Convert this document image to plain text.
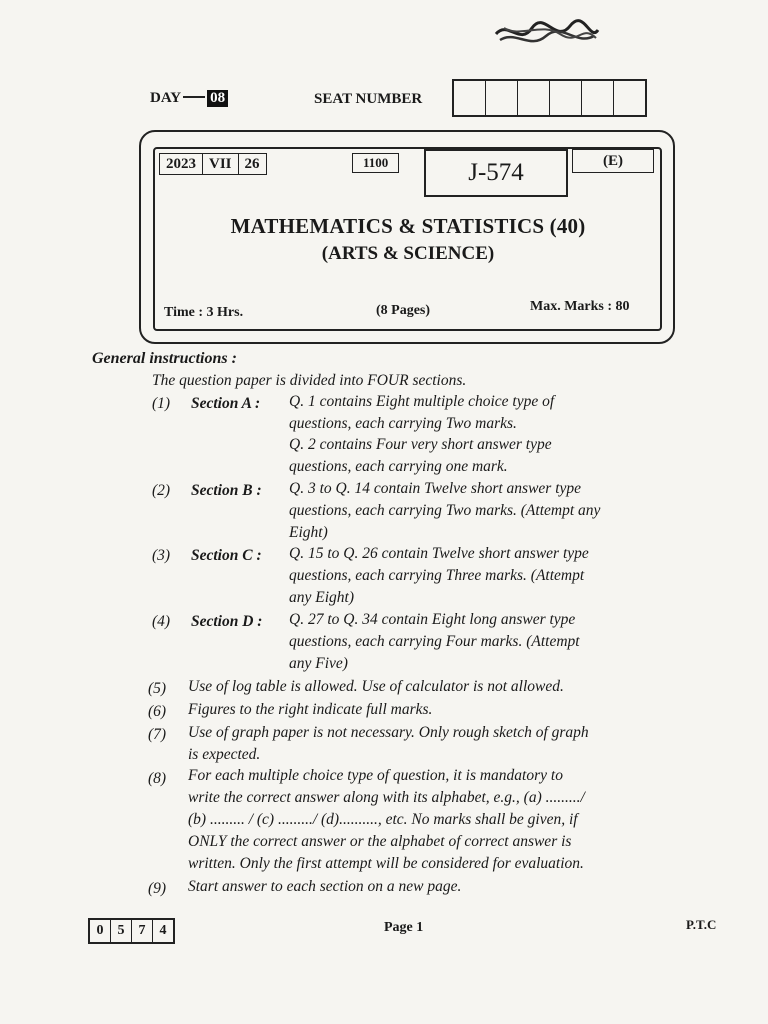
DAY 08	SEAT NUMBER
2023 VII 26	1100	J-574	(E)
MATHEMATICS & STATISTICS (40)
(ARTS & SCIENCE)
Time : 3 Hrs.	(8 Pages)	Max. Marks : 80
General instructions :
The question paper is divided into FOUR sections.
(1) Section A : Q. 1 contains Eight multiple choice type of
questions, each carrying Two marks.
Q. 2 contains Four very short answer type
questions, each carrying one mark.
(2) Section B : Q. 3 to Q. 14 contain Twelve short answer type
questions, each carrying Two marks. (Attempt any
Eight)
(3) Section C : Q. 15 to Q. 26 contain Twelve short answer type
questions, each carrying Three marks. (Attempt
any Eight)
(4) Section D : Q. 27 to Q. 34 contain Eight long answer type
questions, each carrying Four marks. (Attempt
any Five)
(5) Use of log table is allowed. Use of calculator is not allowed.
(6) Figures to the right indicate full marks.
(7) Use of graph paper is not necessary. Only rough sketch of graph
is expected.
(8) For each multiple choice type of question, it is mandatory to
write the correct answer along with its alphabet, e.g., (a) ........./
(b) ......... / (c) ........./ (d).........., etc. No marks shall be given, if
ONLY the correct answer or the alphabet of correct answer is
written. Only the first attempt will be considered for evaluation.
(9) Start answer to each section on a new page.
0	5	7	4	Page 1	P.T.C
